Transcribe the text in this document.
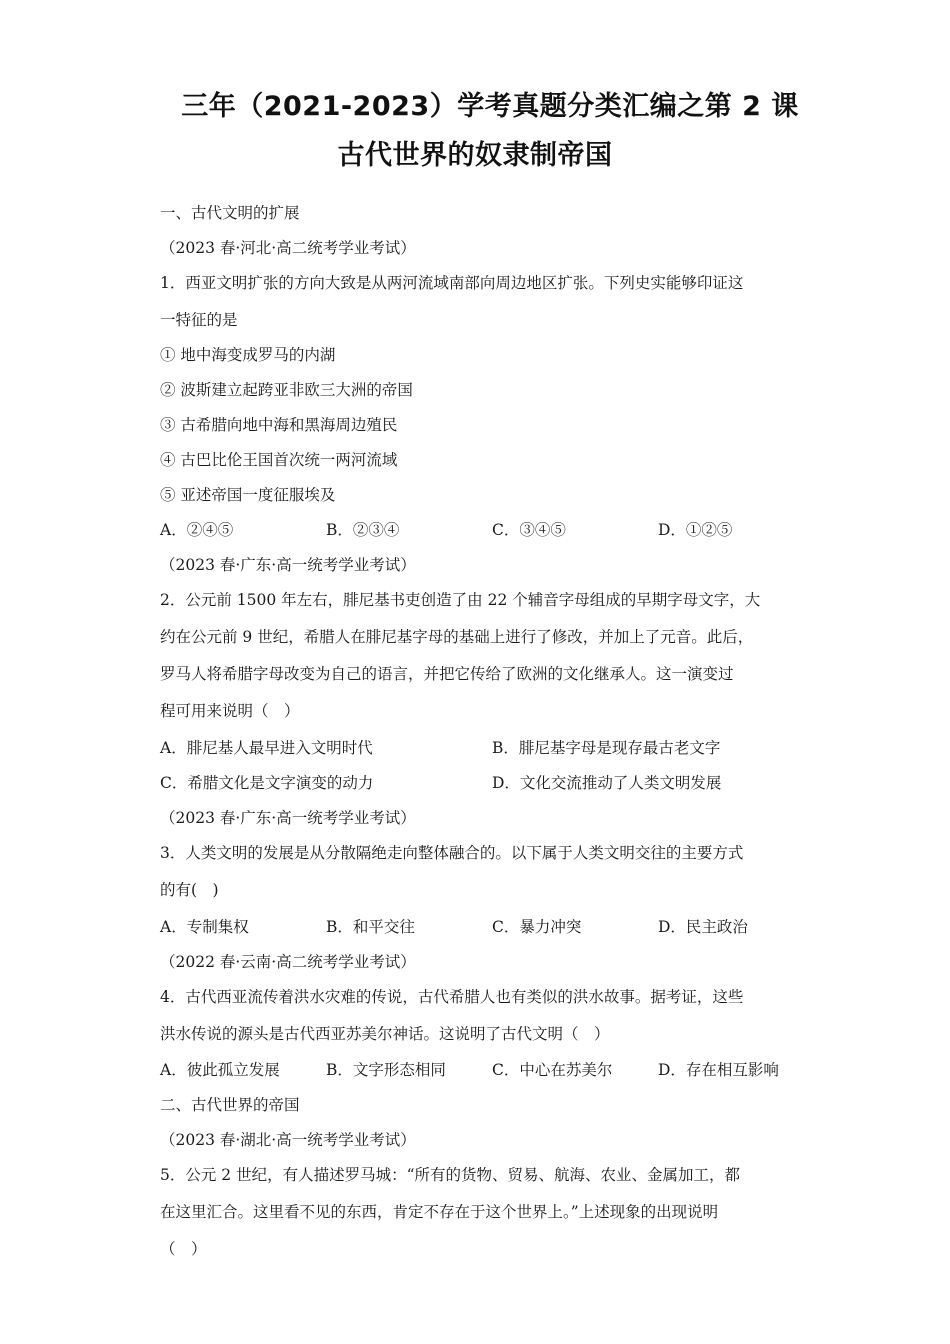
三年（2021-2023）学考真题分类汇编之第 2 课
古代世界的奴隶制帝国
一、古代文明的扩展
（2023 春·河北·高二统考学业考试）
1．西亚文明扩张的方向大致是从两河流域南部向周边地区扩张。下列史实能够印证这
一特征的是
① 地中海变成罗马的内湖
② 波斯建立起跨亚非欧三大洲的帝国
③ 古希腊向地中海和黑海周边殖民
④ 古巴比伦王国首次统一两河流域
⑤ 亚述帝国一度征服埃及
A．②④⑤	B．②③④	C．③④⑤	D．①②⑤
（2023 春·广东·高一统考学业考试）
2．公元前 1500 年左右，腓尼基书吏创造了由 22 个辅音字母组成的早期字母文字，大
约在公元前 9 世纪，希腊人在腓尼基字母的基础上进行了修改，并加上了元音。此后，
罗马人将希腊字母改变为自己的语言，并把它传给了欧洲的文化继承人。这一演变过
程可用来说明（　）
A．腓尼基人最早进入文明时代	B．腓尼基字母是现存最古老文字
C．希腊文化是文字演变的动力	D．文化交流推动了人类文明发展
（2023 春·广东·高一统考学业考试）
3．人类文明的发展是从分散隔绝走向整体融合的。以下属于人类文明交往的主要方式
的有(　)
A．专制集权	B．和平交往	C．暴力冲突	D．民主政治
（2022 春·云南·高二统考学业考试）
4．古代西亚流传着洪水灾难的传说，古代希腊人也有类似的洪水故事。据考证，这些
洪水传说的源头是古代西亚苏美尔神话。这说明了古代文明（　）
A．彼此孤立发展	B．文字形态相同	C．中心在苏美尔	D．存在相互影响
二、古代世界的帝国
（2023 春·湖北·高一统考学业考试）
5．公元 2 世纪，有人描述罗马城：“所有的货物、贸易、航海、农业、金属加工，都
在这里汇合。这里看不见的东西，肯定不存在于这个世界上。”上述现象的出现说明
（　）
